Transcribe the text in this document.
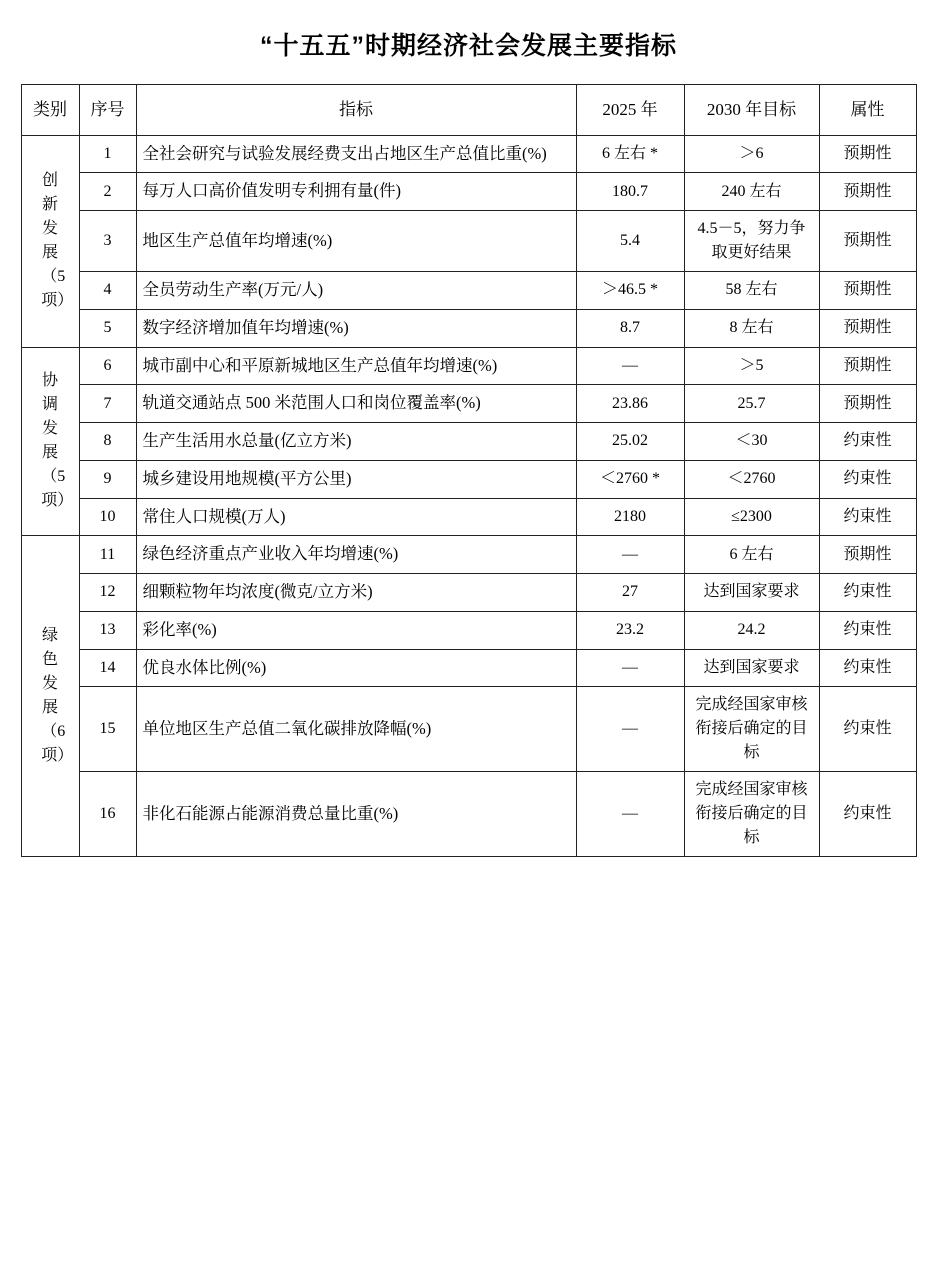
“十五五”时期经济社会发展主要指标
类别	序号	指标	2025 年	2030 年目标	属性

创新发展（5 项）	1	全社会研究与试验发展经费支出占地区生产总值比重(%)	6 左右 *	＞6	预期性
	2	每万人口高价值发明专利拥有量(件)	180.7	240 左右	预期性
	3	地区生产总值年均增速(%)	5.4	4.5－5，努力争取更好结果	预期性
	4	全员劳动生产率(万元/人)	＞46.5 *	58 左右	预期性
	5	数字经济增加值年均增速(%)	8.7	8 左右	预期性

协调发展（5 项）	6	城市副中心和平原新城地区生产总值年均增速(%)	—	＞5	预期性
	7	轨道交通站点 500 米范围人口和岗位覆盖率(%)	23.86	25.7	预期性
	8	生产生活用水总量(亿立方米)	25.02	＜30	约束性
	9	城乡建设用地规模(平方公里)	＜2760 *	＜2760	约束性
	10	常住人口规模(万人)	2180	≤2300	约束性

绿色发展（6 项）	11	绿色经济重点产业收入年均增速(%)	—	6 左右	预期性
	12	细颗粒物年均浓度(微克/立方米)	27	达到国家要求	约束性
	13	彩化率(%)	23.2	24.2	约束性
	14	优良水体比例(%)	—	达到国家要求	约束性
	15	单位地区生产总值二氧化碳排放降幅(%)	—	完成经国家审核衔接后确定的目标	约束性
	16	非化石能源占能源消费总量比重(%)	—	完成经国家审核衔接后确定的目标	约束性
